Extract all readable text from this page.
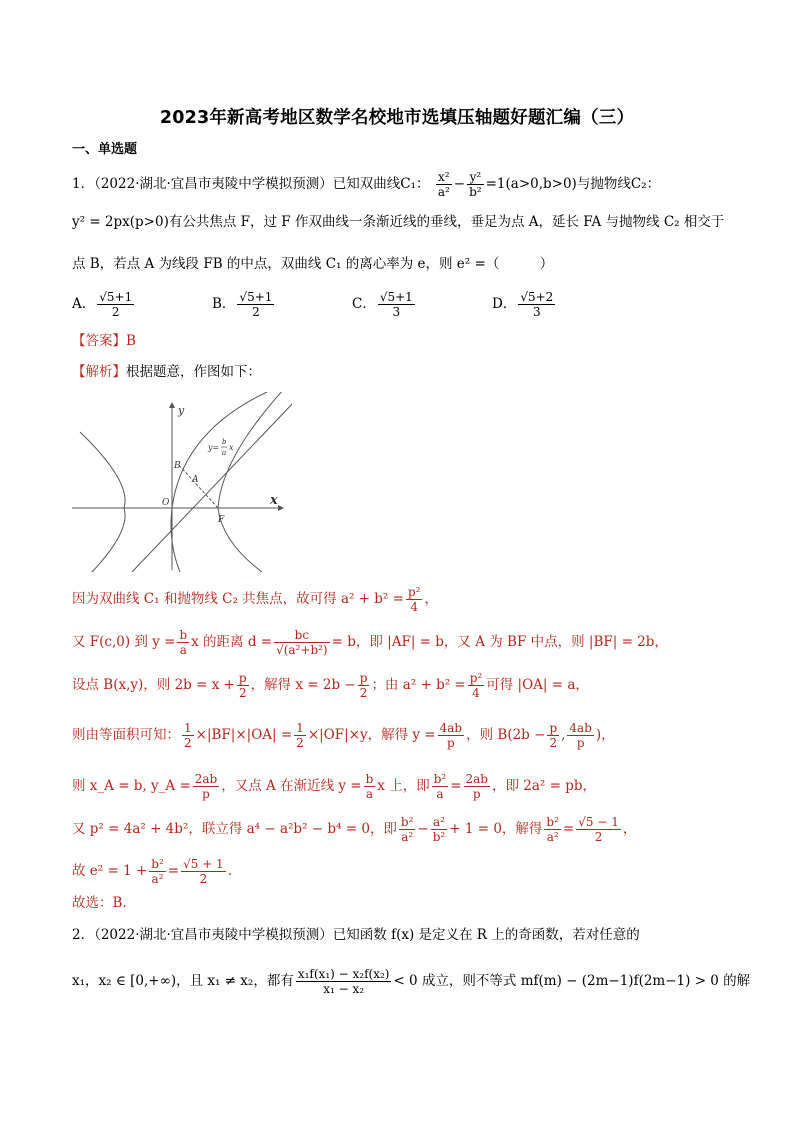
2023年新高考地区数学名校地市选填压轴题好题汇编（三）
一、单选题
1．（2022·湖北·宜昌市夷陵中学模拟预测）已知双曲线C₁： $\frac{\text{x²}}{\text{a²}} - \frac{\text{y²}}{\text{b²}} =1(a>0,b>0)$与抛物线C₂：
y² = 2px(p>0)有公共焦点 F，过 F 作双曲线一条渐近线的垂线，垂足为点 A，延长 FA 与抛物线 C₂ 相交于
点 B，若点 A 为线段 FB 的中点，双曲线 C₁ 的离心率为 e，则 e² =（　　　）
A． $\frac{√5+1}{2}$	B． $\frac{√5+1}{2}$	C． $\frac{√5+1}{3}$	D． $\frac{√5+2}{3}$
【答案】B
【解析】根据题意，作图如下：
y
x
O
A
B
F
y=
b
a
x
因为双曲线 C₁ 和抛物线 C₂ 共焦点，故可得 $a^2 + b^2 = \frac{\text{p²}}{4}$ ，
又 F(c,0) 到 $y = \frac{b}{a}$ x 的距离 $d = \frac{bc}{\text{√(a²+b²)}} = b$，即 |AF| = b，又 A 为 BF 中点，则 |BF| = 2b，
设点 B(x,y)，则 $2b = x + \frac{p}{2}$ ，解得 $x = 2b - \frac{p}{2}$ ；由 $a^2 + b^2 = \frac{\text{p²}}{4}$ 可得 |OA| = a，
则由等面积可知： $\frac{1}{2} \times|BF|\times|OA| = \frac{1}{2} \times|OF|\times y$，解得 $y = \frac{4ab}{p}$ ，则 $B(2b - \frac{p}{2}$ , $\frac{4ab}{p}$ )，
则 x_A = b, y_A = $\frac{2ab}{p}$ ，又点 A 在渐近线 $y = \frac{b}{a}$ x 上，即 $\frac{\text{b²}}{a} = \frac{2ab}{p}$ ，即 2a² = pb，
又 p² = 4a² + 4b²，联立得 a⁴ − a²b² − b⁴ = 0，即 $\frac{\text{b²}}{\text{a²}} - \frac{\text{a²}}{\text{b²}} + 1 = 0$，解得 $\frac{\text{b²}}{\text{a²}} = \frac{√5 - 1}{2}$ ，
故 $e^2 = 1 + \frac{\text{b²}}{\text{a²}} = \frac{√5 + 1}{2}$ .
故选：B.
2．（2022·湖北·宜昌市夷陵中学模拟预测）已知函数 f(x) 是定义在 R 上的奇函数，若对任意的
x₁，x₂ ∈ [0,+∞)，且 x₁ ≠ x₂，都有 $\frac{\text{x₁f(x₁) − x₂f(x₂)}}{\text{x₁ − x₂}} < 0$ 成立，则不等式 mf(m) − (2m−1)f(2m−1) > 0 的解
